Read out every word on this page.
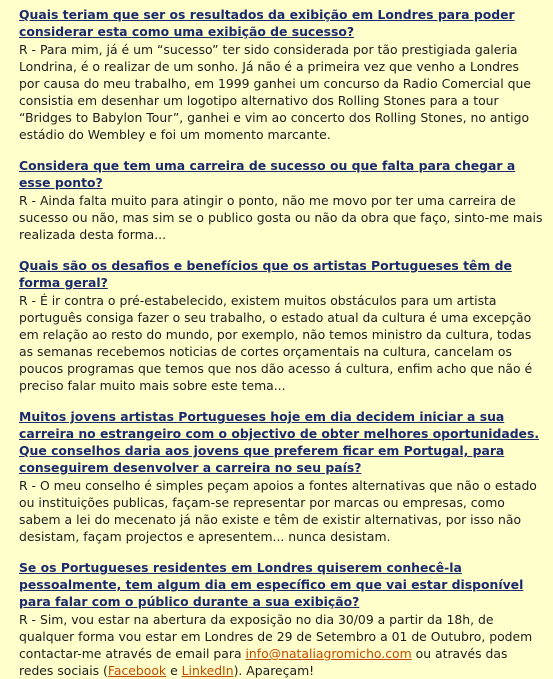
Quais teriam que ser os resultados da exibição em Londres para poder considerar esta como uma exibição de sucesso?
R - Para mim, já é um “sucesso” ter sido considerada por tão prestigiada galeria Londrina, é o realizar de um sonho. Já não é a primeira vez que venho a Londres por causa do meu trabalho, em 1999 ganhei um concurso da Radio Comercial que consistia em desenhar um logotipo alternativo dos Rolling Stones para a tour “Bridges to Babylon Tour”, ganhei e vim ao concerto dos Rolling Stones, no antigo estádio do Wembley e foi um momento marcante.
Considera que tem uma carreira de sucesso ou que falta para chegar a esse ponto?
R - Ainda falta muito para atingir o ponto, não me movo por ter uma carreira de sucesso ou não, mas sim se o publico gosta ou não da obra que faço, sinto-me mais realizada desta forma...
Quais são os desafios e benefícios que os artistas Portugueses têm de forma geral?
R - É ir contra o pré-estabelecido, existem muitos obstáculos para um artista português consiga fazer o seu trabalho, o estado atual da cultura é uma excepção em relação ao resto do mundo, por exemplo, não temos ministro da cultura, todas as semanas recebemos noticias de cortes orçamentais na cultura, cancelam os poucos programas que temos que nos dão acesso á cultura, enfim acho que não é preciso falar muito mais sobre este tema...
Muitos jovens artistas Portugueses hoje em dia decidem iniciar a sua carreira no estrangeiro com o objectivo de obter melhores oportunidades. Que conselhos daria aos jovens que preferem ficar em Portugal, para conseguirem desenvolver a carreira no seu país?
R - O meu conselho é simples peçam apoios a fontes alternativas que não o estado ou instituições publicas, façam-se representar por marcas ou empresas, como sabem a lei do mecenato já não existe e têm de existir alternativas, por isso não desistam, façam projectos e apresentem... nunca desistam.
Se os Portugueses residentes em Londres quiserem conhecê-la pessoalmente, tem algum dia em específico em que vai estar disponível para falar com o público durante a sua exibição?
R - Sim, vou estar na abertura da exposição no dia 30/09 a partir da 18h, de qualquer forma vou estar em Londres de 29 de Setembro a 01 de Outubro, podem contactar-me através de email para info@nataliagromicho.com ou através das redes sociais (Facebook e LinkedIn). Apareçam!
